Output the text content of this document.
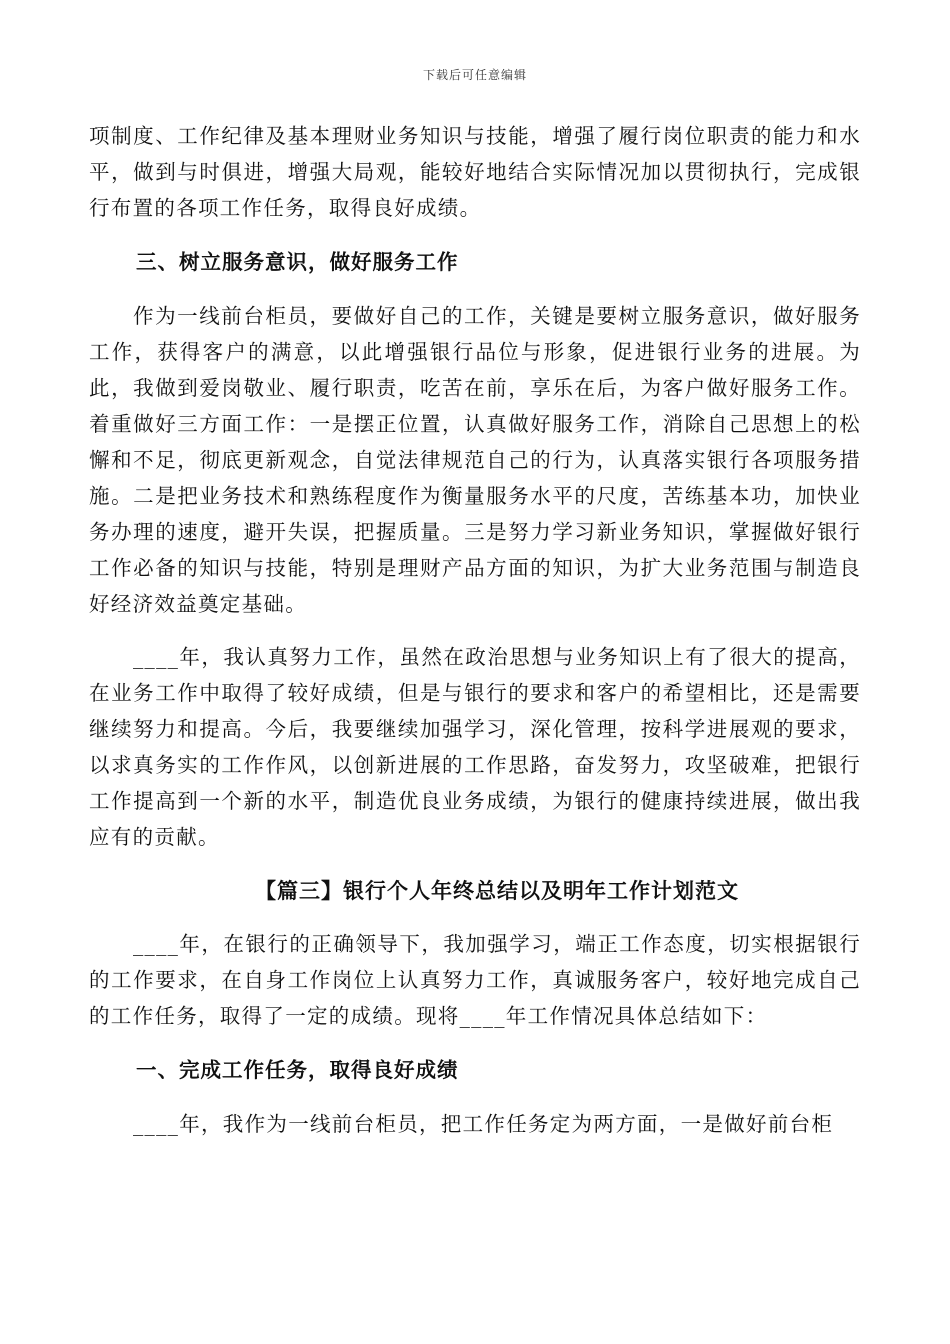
下载后可任意编辑

项制度、工作纪律及基本理财业务知识与技能，增强了履行岗位职责的能力和水平，做到与时俱进，增强大局观，能较好地结合实际情况加以贯彻执行，完成银行布置的各项工作任务，取得良好成绩。

三、树立服务意识，做好服务工作

作为一线前台柜员，要做好自己的工作，关键是要树立服务意识，做好服务工作，获得客户的满意，以此增强银行品位与形象，促进银行业务的进展。为此，我做到爱岗敬业、履行职责，吃苦在前，享乐在后，为客户做好服务工作。着重做好三方面工作：一是摆正位置，认真做好服务工作，消除自己思想上的松懈和不足，彻底更新观念，自觉法律规范自己的行为，认真落实银行各项服务措施。二是把业务技术和熟练程度作为衡量服务水平的尺度，苦练基本功，加快业务办理的速度，避开失误，把握质量。三是努力学习新业务知识，掌握做好银行工作必备的知识与技能，特别是理财产品方面的知识，为扩大业务范围与制造良好经济效益奠定基础。

____年，我认真努力工作，虽然在政治思想与业务知识上有了很大的提高，在业务工作中取得了较好成绩，但是与银行的要求和客户的希望相比，还是需要继续努力和提高。今后，我要继续加强学习，深化管理，按科学进展观的要求，以求真务实的工作作风，以创新进展的工作思路，奋发努力，攻坚破难，把银行工作提高到一个新的水平，制造优良业务成绩，为银行的健康持续进展，做出我应有的贡献。

【篇三】银行个人年终总结以及明年工作计划范文

____年，在银行的正确领导下，我加强学习，端正工作态度，切实根据银行的工作要求，在自身工作岗位上认真努力工作，真诚服务客户，较好地完成自己的工作任务，取得了一定的成绩。现将____年工作情况具体总结如下：

一、完成工作任务，取得良好成绩

____年，我作为一线前台柜员，把工作任务定为两方面，一是做好前台柜
